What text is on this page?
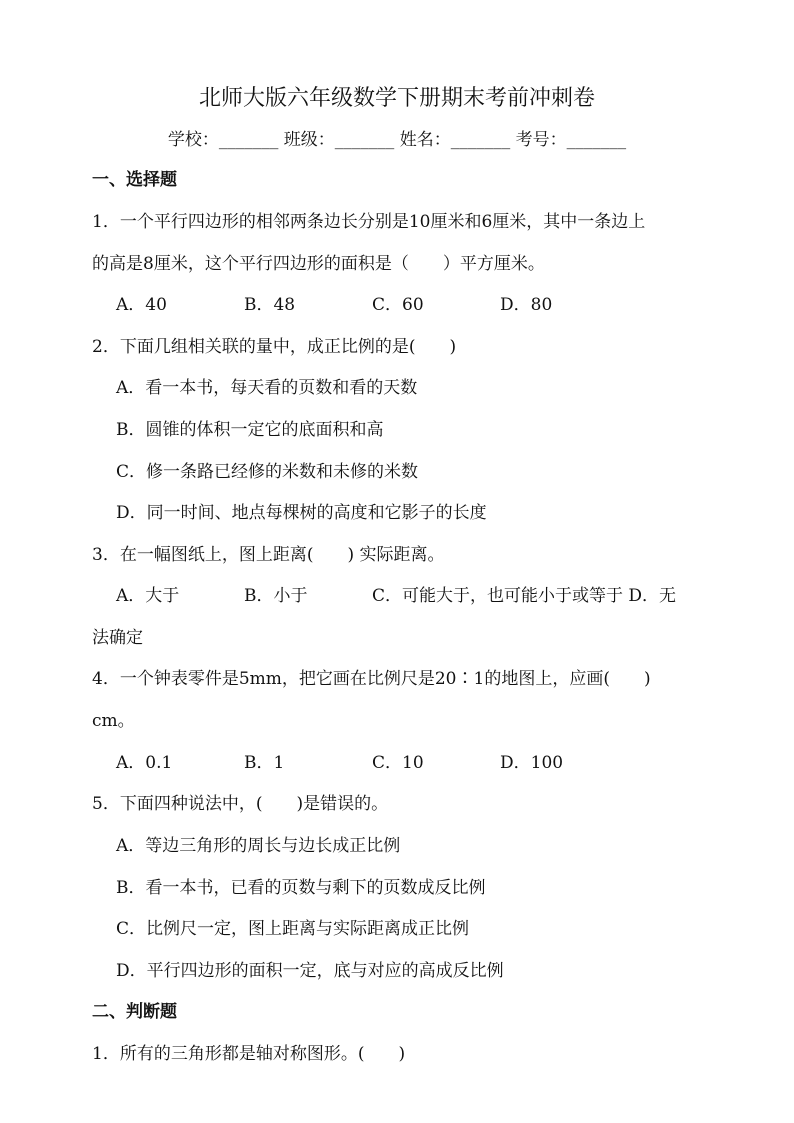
北师大版六年级数学下册期末考前冲刺卷
学校：_______ 班级：_______ 姓名：_______ 考号：_______
一、选择题
1．一个平行四边形的相邻两条边长分别是10厘米和6厘米，其中一条边上
的高是8厘米，这个平行四边形的面积是（　　）平方厘米。
A．40	B．48	C．60	D．80
2．下面几组相关联的量中，成正比例的是(　　)
A．看一本书，每天看的页数和看的天数
B．圆锥的体积一定它的底面积和高
C．修一条路已经修的米数和未修的米数
D．同一时间、地点每棵树的高度和它影子的长度
3．在一幅图纸上，图上距离(　　) 实际距离。
A．大于	B．小于	C．可能大于，也可能小于或等于 D．无
法确定
4．一个钟表零件是5mm，把它画在比例尺是20∶1的地图上，应画(　　)
cm。
A．0.1	B．1	C．10	D．100
5．下面四种说法中，(　　)是错误的。
A．等边三角形的周长与边长成正比例
B．看一本书，已看的页数与剩下的页数成反比例
C．比例尺一定，图上距离与实际距离成正比例
D．平行四边形的面积一定，底与对应的高成反比例
二、判断题
1．所有的三角形都是轴对称图形。(　　)
